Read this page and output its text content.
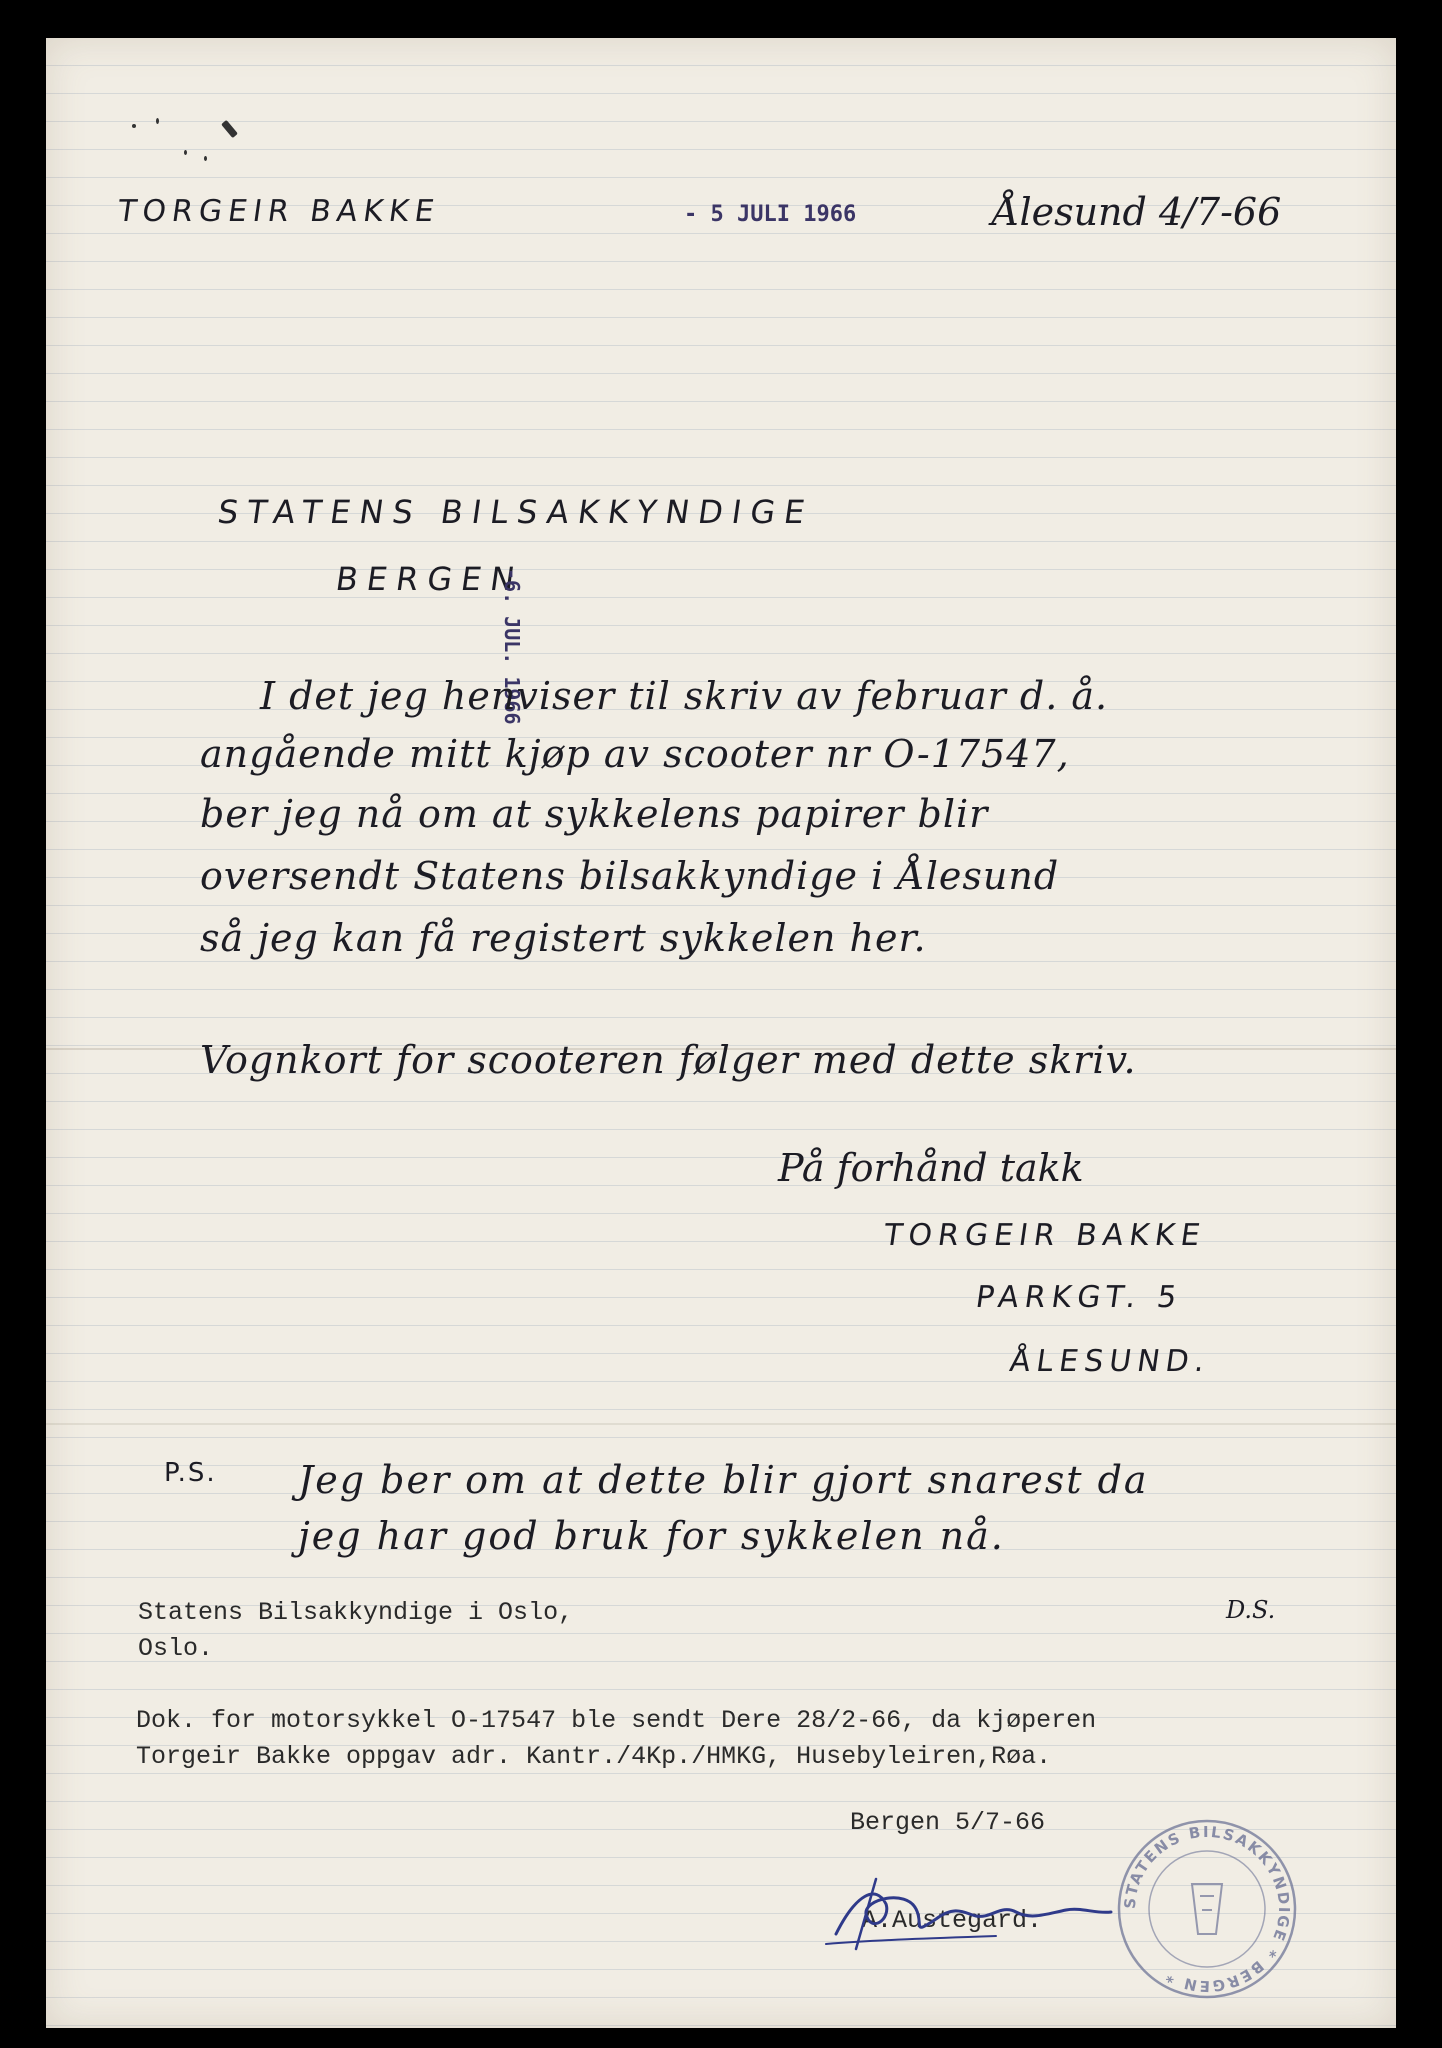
TORGEIR BAKKE	- 5 JULI 1966	Ålesund 4/7-66
STATENS BILSAKKYNDIGE
BERGEN
-6. JUL. 1966
I det jeg henviser til skriv av februar d. å.
angående mitt kjøp av scooter nr O-17547,
ber jeg nå om at sykkelens papirer blir
oversendt Statens bilsakkyndige i Ålesund
så jeg kan få registert sykkelen her.
Vognkort for scooteren følger med dette skriv.
På forhånd takk
TORGEIR BAKKE
PARKGT. 5
ÅLESUND.
P.S. Jeg ber om at dette blir gjort snarest da
jeg har god bruk for sykkelen nå.
D.S.
Statens Bilsakkyndige i Oslo,
Oslo.
Dok. for motorsykkel O-17547 ble sendt Dere 28/2-66, da kjøperen
Torgeir Bakke oppgav adr. Kantr./4Kp./HMKG, Husebyleiren,Røa.
Bergen 5/7-66
A.Austegard.
STATENS BILSAKKYNDIGE * BERGEN *
